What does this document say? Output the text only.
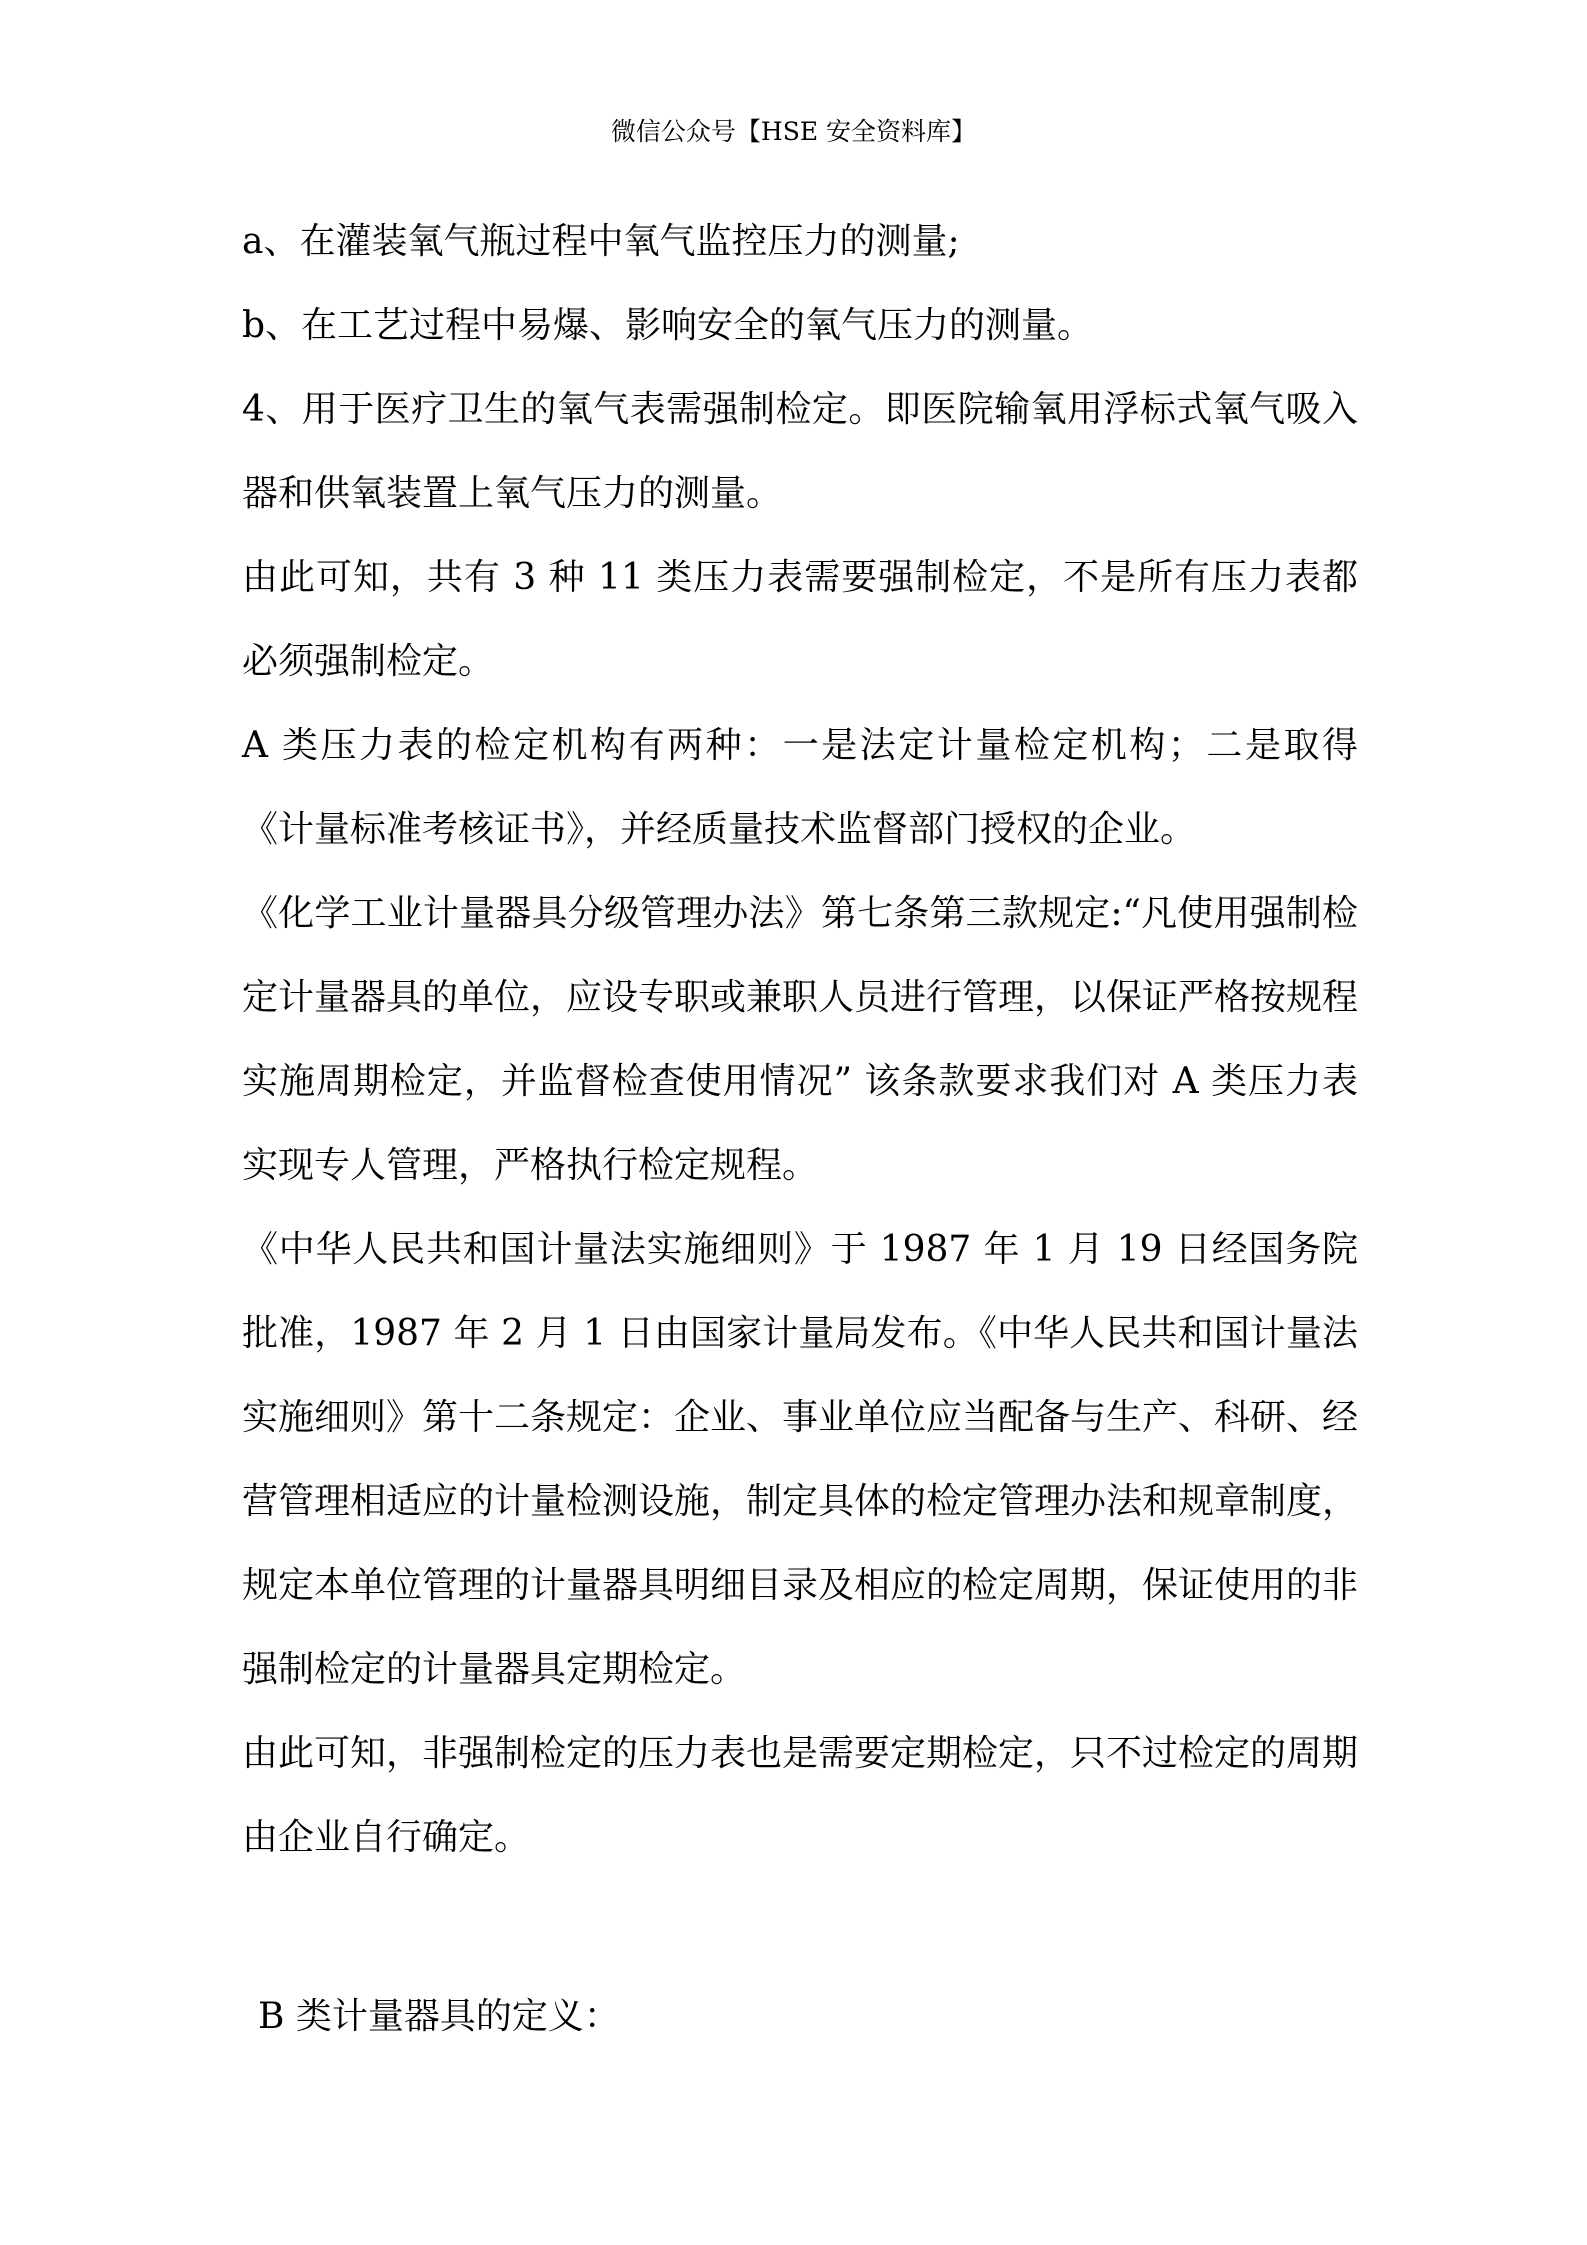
微信公众号【HSE 安全资料库】

a、在灌装氧气瓶过程中氧气监控压力的测量;

b、在工艺过程中易爆、影响安全的氧气压力的测量。

4、用于医疗卫生的氧气表需强制检定。即医院输氧用浮标式氧气吸入器和供氧装置上氧气压力的测量。

由此可知，共有 3 种 11 类压力表需要强制检定，不是所有压力表都必须强制检定。

A 类压力表的检定机构有两种：一是法定计量检定机构；二是取得《计量标准考核证书》，并经质量技术监督部门授权的企业。

《化学工业计量器具分级管理办法》第七条第三款规定:“凡使用强制检定计量器具的单位，应设专职或兼职人员进行管理，以保证严格按规程实施周期检定，并监督检查使用情况” 该条款要求我们对 A 类压力表实现专人管理，严格执行检定规程。

《中华人民共和国计量法实施细则》于 1987 年 1 月 19 日经国务院批准，1987 年 2 月 1 日由国家计量局发布。《中华人民共和国计量法实施细则》第十二条规定：企业、事业单位应当配备与生产、科研、经营管理相适应的计量检测设施，制定具体的检定管理办法和规章制度，规定本单位管理的计量器具明细目录及相应的检定周期，保证使用的非强制检定的计量器具定期检定。

由此可知，非强制检定的压力表也是需要定期检定，只不过检定的周期由企业自行确定。

B 类计量器具的定义：
